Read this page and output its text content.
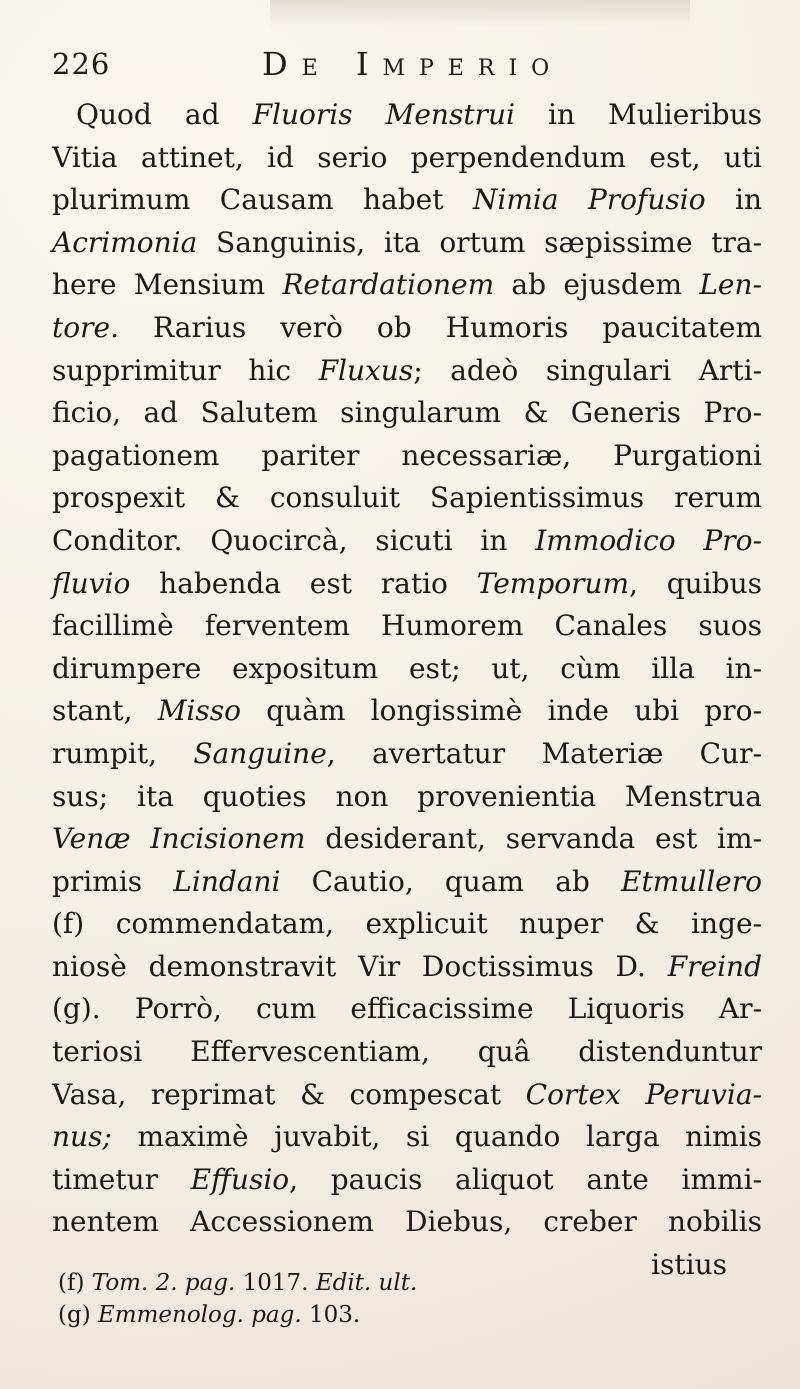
226	De Imperio
Quod ad Fluoris Menstrui in Mulieribus
Vitia attinet, id serio perpendendum est, uti
plurimum Causam habet Nimia Profusio in
Acrimonia Sanguinis, ita ortum sæpissime tra-
here Mensium Retardationem ab ejusdem Len-
tore. Rarius verò ob Humoris paucitatem
supprimitur hic Fluxus; adeò singulari Arti-
ficio, ad Salutem singularum & Generis Pro-
pagationem pariter necessariæ, Purgationi
prospexit & consuluit Sapientissimus rerum
Conditor. Quocircà, sicuti in Immodico Pro-
fluvio habenda est ratio Temporum, quibus
facillimè ferventem Humorem Canales suos
dirumpere expositum est; ut, cùm illa in-
stant, Misso quàm longissimè inde ubi pro-
rumpit, Sanguine, avertatur Materiæ Cur-
sus; ita quoties non provenientia Menstrua
Venæ Incisionem desiderant, servanda est im-
primis Lindani Cautio, quam ab Etmullero
(f) commendatam, explicuit nuper & inge-
niosè demonstravit Vir Doctissimus D. Freind
(g). Porrò, cum efficacissime Liquoris Ar-
teriosi Effervescentiam, quâ distenduntur
Vasa, reprimat & compescat Cortex Peruvia-
nus; maximè juvabit, si quando larga nimis
timetur Effusio, paucis aliquot ante immi-
nentem Accessionem Diebus, creber nobilis
istius
(f) Tom. 2. pag. 1017. Edit. ult.
(g) Emmenolog. pag. 103.
